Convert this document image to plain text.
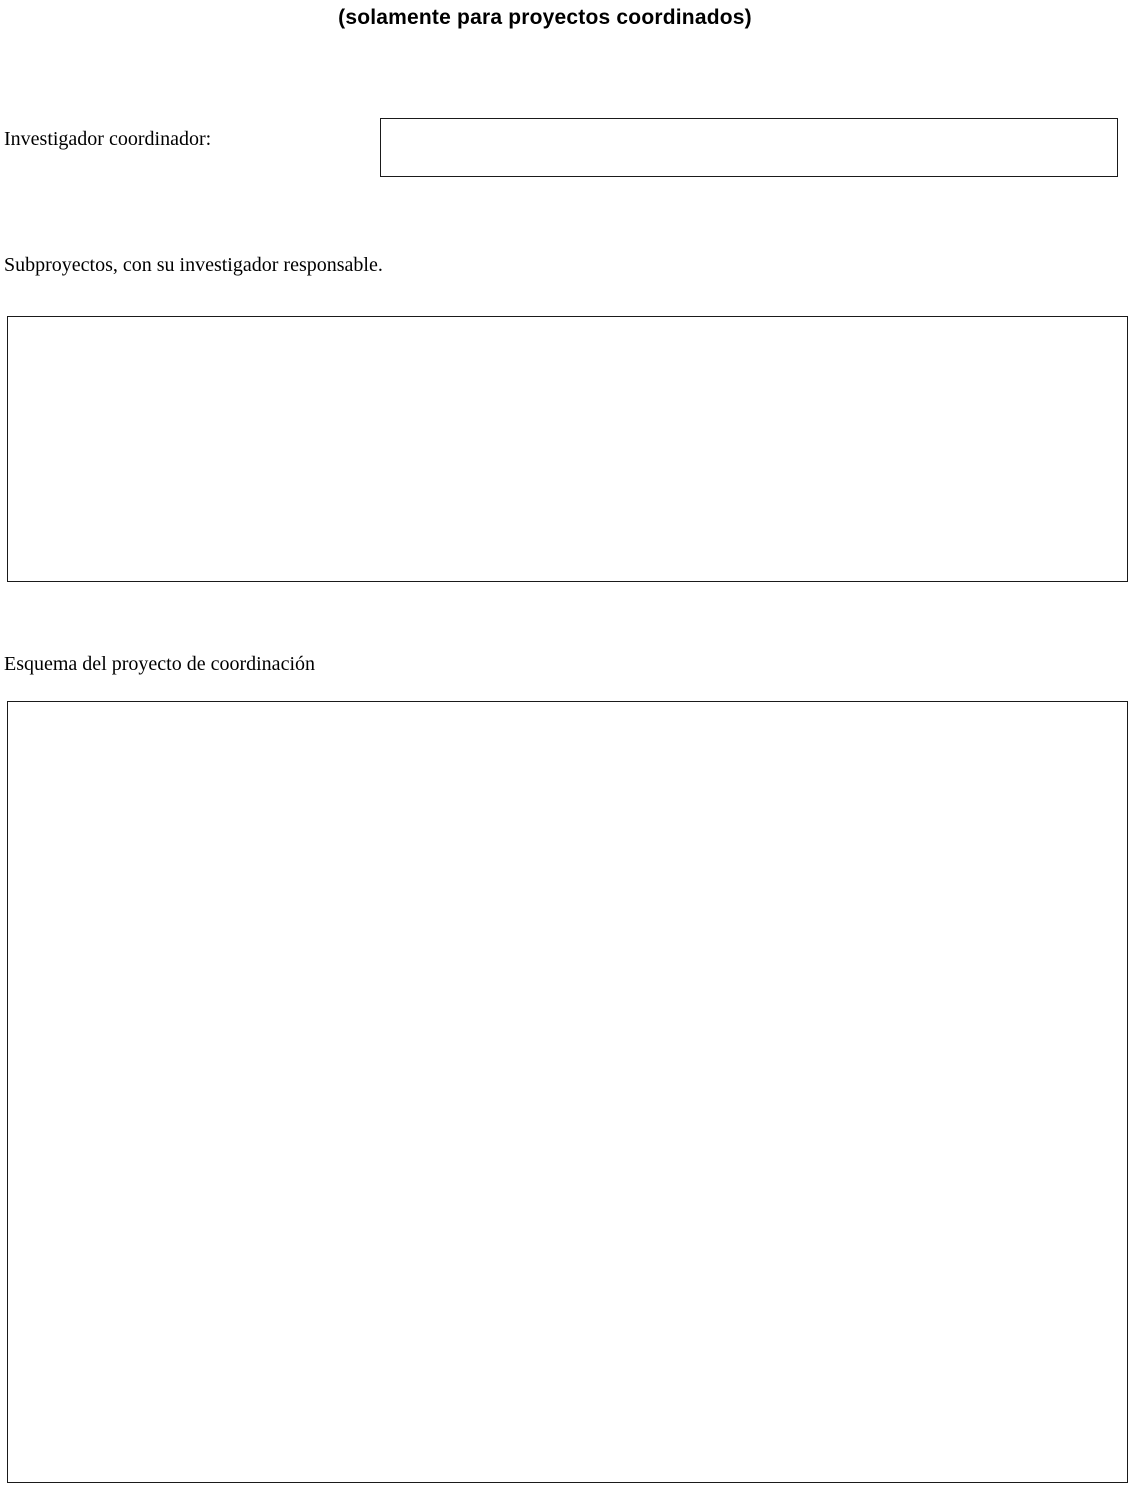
(solamente para proyectos coordinados)
Investigador coordinador:
Subproyectos, con su investigador responsable.
Esquema del proyecto de coordinación
